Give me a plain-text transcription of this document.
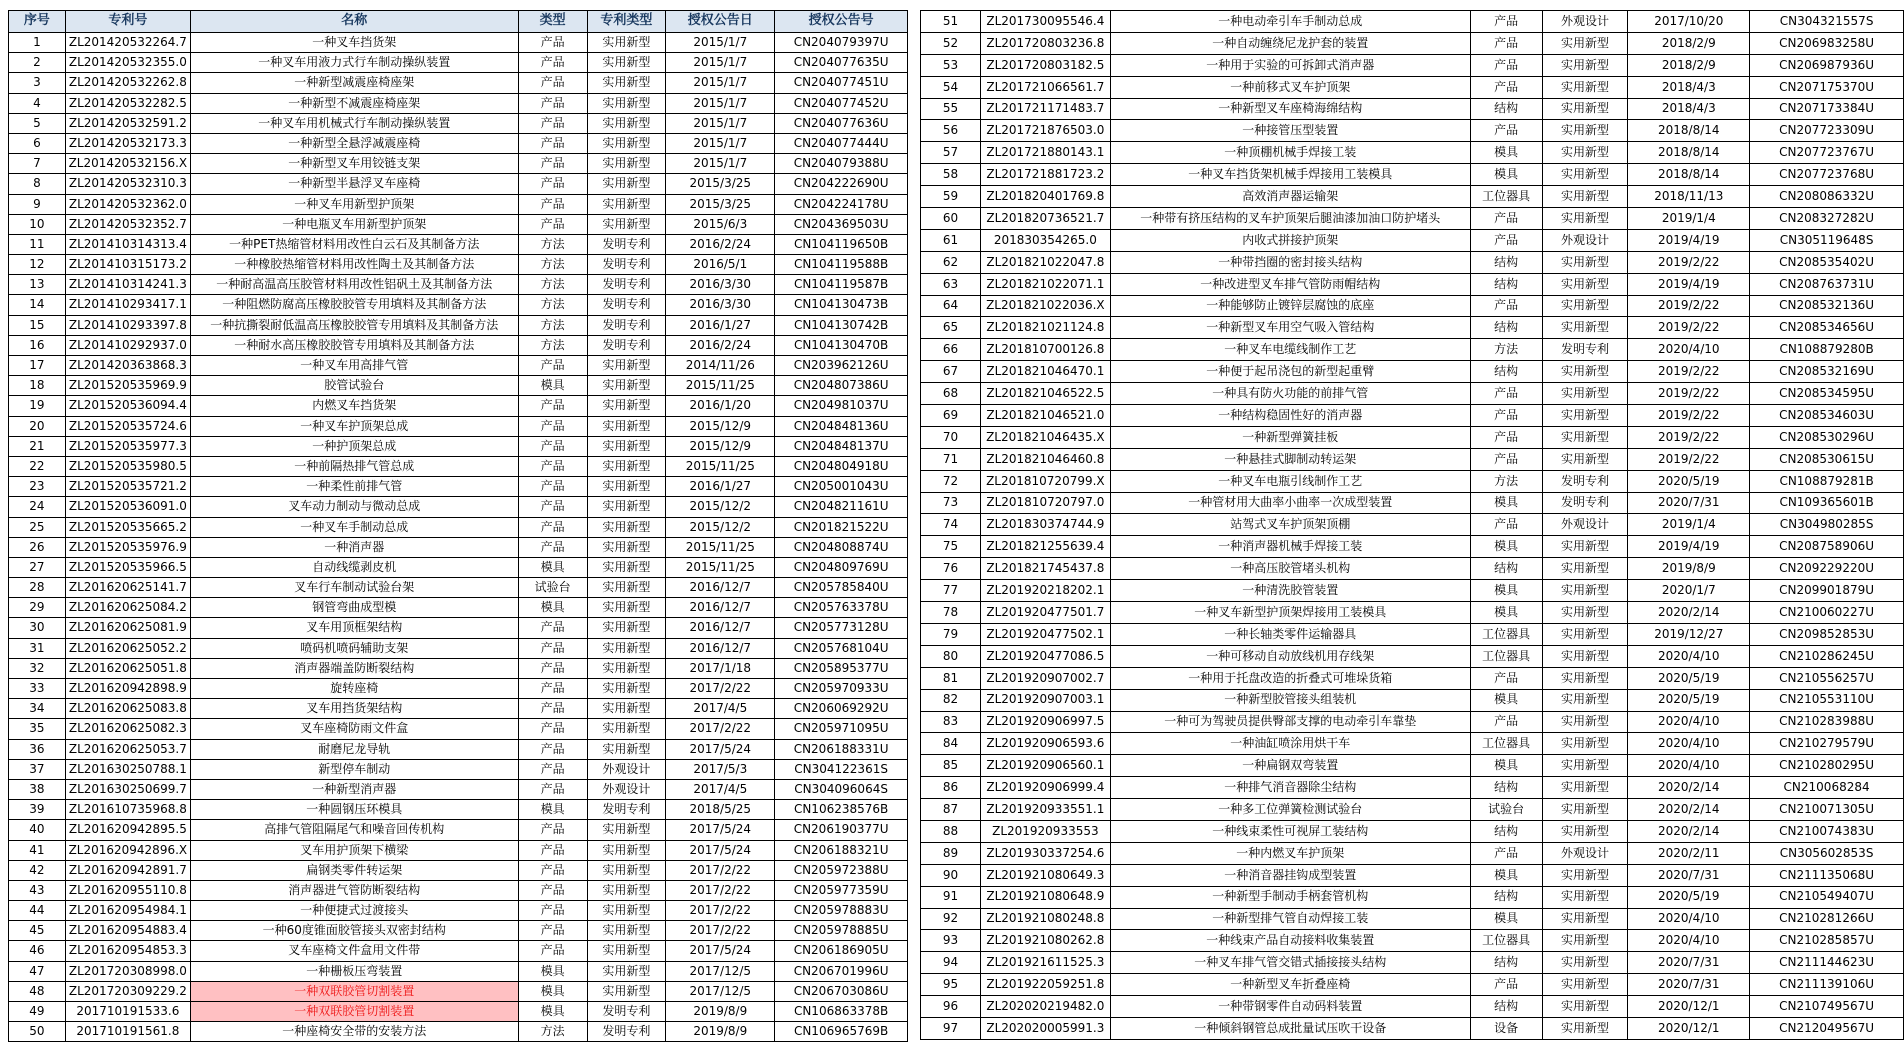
序号	专利号	名称	类型	专利类型	授权公告日	授权公告号
1	ZL201420532264.7	一种叉车挡货架	产品	实用新型	2015/1/7	CN204079397U
2	ZL201420532355.0	一种叉车用液力式行车制动操纵装置	产品	实用新型	2015/1/7	CN204077635U
3	ZL201420532262.8	一种新型减震座椅座架	产品	实用新型	2015/1/7	CN204077451U
4	ZL201420532282.5	一种新型不减震座椅座架	产品	实用新型	2015/1/7	CN204077452U
5	ZL201420532591.2	一种叉车用机械式行车制动操纵装置	产品	实用新型	2015/1/7	CN204077636U
6	ZL201420532173.3	一种新型全悬浮减震座椅	产品	实用新型	2015/1/7	CN204077444U
7	ZL201420532156.X	一种新型叉车用铰链支架	产品	实用新型	2015/1/7	CN204079388U
8	ZL201420532310.3	一种新型半悬浮叉车座椅	产品	实用新型	2015/3/25	CN204222690U
9	ZL201420532362.0	一种叉车用新型护顶架	产品	实用新型	2015/3/25	CN204224178U
10	ZL201420532352.7	一种电瓶叉车用新型护顶架	产品	实用新型	2015/6/3	CN204369503U
11	ZL201410314313.4	一种PET热缩管材料用改性白云石及其制备方法	方法	发明专利	2016/2/24	CN104119650B
12	ZL201410315173.2	一种橡胶热缩管材料用改性陶土及其制备方法	方法	发明专利	2016/5/1	CN104119588B
13	ZL201410314241.3	一种耐高温高压胶管材料用改性铝矾土及其制备方法	方法	发明专利	2016/3/30	CN104119587B
14	ZL201410293417.1	一种阻燃防腐高压橡胶胶管专用填料及其制备方法	方法	发明专利	2016/3/30	CN104130473B
15	ZL201410293397.8	一种抗撕裂耐低温高压橡胶胶管专用填料及其制备方法	方法	发明专利	2016/1/27	CN104130742B
16	ZL201410292937.0	一种耐水高压橡胶胶管专用填料及其制备方法	方法	发明专利	2016/2/24	CN104130470B
17	ZL201420363868.3	一种叉车用高排气管	产品	实用新型	2014/11/26	CN203962126U
18	ZL201520535969.9	胶管试验台	模具	实用新型	2015/11/25	CN204807386U
19	ZL201520536094.4	内燃叉车挡货架	产品	实用新型	2016/1/20	CN204981037U
20	ZL201520535724.6	一种叉车护顶架总成	产品	实用新型	2015/12/9	CN204848136U
21	ZL201520535977.3	一种护顶架总成	产品	实用新型	2015/12/9	CN204848137U
22	ZL201520535980.5	一种前隔热排气管总成	产品	实用新型	2015/11/25	CN204804918U
23	ZL201520535721.2	一种柔性前排气管	产品	实用新型	2016/1/27	CN205001043U
24	ZL201520536091.0	叉车动力制动与微动总成	产品	实用新型	2015/12/2	CN204821161U
25	ZL201520535665.2	一种叉车手制动总成	产品	实用新型	2015/12/2	CN201821522U
26	ZL201520535976.9	一种消声器	产品	实用新型	2015/11/25	CN204808874U
27	ZL201520535966.5	自动线缆剥皮机	模具	实用新型	2015/11/25	CN204809769U
28	ZL201620625141.7	叉车行车制动试验台架	试验台	实用新型	2016/12/7	CN205785840U
29	ZL201620625084.2	钢管弯曲成型模	模具	实用新型	2016/12/7	CN205763378U
30	ZL201620625081.9	叉车用顶框架结构	产品	实用新型	2016/12/7	CN205773128U
31	ZL201620625052.2	喷码机喷码辅助支架	产品	实用新型	2016/12/7	CN205768104U
32	ZL201620625051.8	消声器端盖防断裂结构	产品	实用新型	2017/1/18	CN205895377U
33	ZL201620942898.9	旋转座椅	产品	实用新型	2017/2/22	CN205970933U
34	ZL201620625083.8	叉车用挡货架结构	产品	实用新型	2017/4/5	CN206069292U
35	ZL201620625082.3	叉车座椅防雨文件盒	产品	实用新型	2017/2/22	CN205971095U
36	ZL201620625053.7	耐磨尼龙导轨	产品	实用新型	2017/5/24	CN206188331U
37	ZL201630250788.1	新型停车制动	产品	外观设计	2017/5/3	CN304122361S
38	ZL201630250699.7	一种新型消声器	产品	外观设计	2017/4/5	CN304096064S
39	ZL201610735968.8	一种圆钢压环模具	模具	发明专利	2018/5/25	CN106238576B
40	ZL201620942895.5	高排气管阻隔尾气和噪音回传机构	产品	实用新型	2017/5/24	CN206190377U
41	ZL201620942896.X	叉车用护顶架下横梁	产品	实用新型	2017/5/24	CN206188321U
42	ZL201620942891.7	扁钢类零件转运架	产品	实用新型	2017/2/22	CN205972388U
43	ZL201620955110.8	消声器进气管防断裂结构	产品	实用新型	2017/2/22	CN205977359U
44	ZL201620954984.1	一种便捷式过渡接头	产品	实用新型	2017/2/22	CN205978883U
45	ZL201620954883.4	一种60度锥面胶管接头双密封结构	产品	实用新型	2017/2/22	CN205978885U
46	ZL201620954853.3	叉车座椅文件盒用文件带	产品	实用新型	2017/5/24	CN206186905U
47	ZL201720308998.0	一种栅板压弯装置	模具	实用新型	2017/12/5	CN206701996U
48	ZL201720309229.2	一种双联胶管切割装置	模具	实用新型	2017/12/5	CN206703086U
49	201710191533.6	一种双联胶管切割装置	模具	发明专利	2019/8/9	CN106863378B
50	201710191561.8	一种座椅安全带的安装方法	方法	发明专利	2019/8/9	CN106965769B
51	ZL201730095546.4	一种电动牵引车手制动总成	产品	外观设计	2017/10/20	CN304321557S
52	ZL201720803236.8	一种自动缠绕尼龙护套的装置	产品	实用新型	2018/2/9	CN206983258U
53	ZL201720803182.5	一种用于实验的可拆卸式消声器	产品	实用新型	2018/2/9	CN206987936U
54	ZL201721066561.7	一种前移式叉车护顶架	产品	实用新型	2018/4/3	CN207175370U
55	ZL201721171483.7	一种新型叉车座椅海绵结构	结构	实用新型	2018/4/3	CN207173384U
56	ZL201721876503.0	一种接管压型装置	产品	实用新型	2018/8/14	CN207723309U
57	ZL201721880143.1	一种顶棚机械手焊接工装	模具	实用新型	2018/8/14	CN207723767U
58	ZL201721881723.2	一种叉车挡货架机械手焊接用工装模具	模具	实用新型	2018/8/14	CN207723768U
59	ZL201820401769.8	高效消声器运输架	工位器具	实用新型	2018/11/13	CN208086332U
60	ZL201820736521.7	一种带有挤压结构的叉车护顶架后腿油漆加油口防护堵头	产品	实用新型	2019/1/4	CN208327282U
61	201830354265.0	内收式拼接护顶架	产品	外观设计	2019/4/19	CN305119648S
62	ZL201821022047.8	一种带挡圈的密封接头结构	结构	实用新型	2019/2/22	CN208535402U
63	ZL201821022071.1	一种改进型叉车排气管防雨帽结构	结构	实用新型	2019/4/19	CN208763731U
64	ZL201821022036.X	一种能够防止镀锌层腐蚀的底座	产品	实用新型	2019/2/22	CN208532136U
65	ZL201821021124.8	一种新型叉车用空气吸入管结构	结构	实用新型	2019/2/22	CN208534656U
66	ZL201810700126.8	一种叉车电缆线制作工艺	方法	发明专利	2020/4/10	CN108879280B
67	ZL201821046470.1	一种便于起吊浇包的新型起重臂	结构	实用新型	2019/2/22	CN208532169U
68	ZL201821046522.5	一种具有防火功能的前排气管	产品	实用新型	2019/2/22	CN208534595U
69	ZL201821046521.0	一种结构稳固性好的消声器	产品	实用新型	2019/2/22	CN208534603U
70	ZL201821046435.X	一种新型弹簧挂板	产品	实用新型	2019/2/22	CN208530296U
71	ZL201821046460.8	一种悬挂式脚制动转运架	产品	实用新型	2019/2/22	CN208530615U
72	ZL201810720799.X	一种叉车电瓶引线制作工艺	方法	发明专利	2020/5/19	CN108879281B
73	ZL201810720797.0	一种管材用大曲率小曲率一次成型装置	模具	发明专利	2020/7/31	CN109365601B
74	ZL201830374744.9	站驾式叉车护顶架顶棚	产品	外观设计	2019/1/4	CN304980285S
75	ZL201821255639.4	一种消声器机械手焊接工装	模具	实用新型	2019/4/19	CN208758906U
76	ZL201821745437.8	一种高压胶管堵头机构	结构	实用新型	2019/8/9	CN209229220U
77	ZL201920218202.1	一种清洗胶管装置	模具	实用新型	2020/1/7	CN209901879U
78	ZL201920477501.7	一种叉车新型护顶架焊接用工装模具	模具	实用新型	2020/2/14	CN210060227U
79	ZL201920477502.1	一种长轴类零件运输器具	工位器具	实用新型	2019/12/27	CN209852853U
80	ZL201920477086.5	一种可移动自动放线机用存线架	工位器具	实用新型	2020/4/10	CN210286245U
81	ZL201920907002.7	一种用于托盘改造的折叠式可堆垛货箱	产品	实用新型	2020/5/19	CN210556257U
82	ZL201920907003.1	一种新型胶管接头组装机	模具	实用新型	2020/5/19	CN210553110U
83	ZL201920906997.5	一种可为驾驶员提供臀部支撑的电动牵引车靠垫	产品	实用新型	2020/4/10	CN210283988U
84	ZL201920906593.6	一种油缸喷涂用烘干车	工位器具	实用新型	2020/4/10	CN210279579U
85	ZL201920906560.1	一种扁钢双弯装置	模具	实用新型	2020/4/10	CN210280295U
86	ZL201920906999.4	一种排气消音器除尘结构	结构	实用新型	2020/2/14	CN210068284
87	ZL201920933551.1	一种多工位弹簧检测试验台	试验台	实用新型	2020/2/14	CN210071305U
88	ZL201920933553	一种线束柔性可视屏工装结构	结构	实用新型	2020/2/14	CN210074383U
89	ZL201930337254.6	一种内燃叉车护顶架	产品	外观设计	2020/2/11	CN305602853S
90	ZL201921080649.3	一种消音器挂钩成型装置	模具	实用新型	2020/7/31	CN211135068U
91	ZL201921080648.9	一种新型手制动手柄套管机构	结构	实用新型	2020/5/19	CN210549407U
92	ZL201921080248.8	一种新型排气管自动焊接工装	模具	实用新型	2020/4/10	CN210281266U
93	ZL201921080262.8	一种线束产品自动接料收集装置	工位器具	实用新型	2020/4/10	CN210285857U
94	ZL201921611525.3	一种叉车排气管交错式插接接头结构	结构	实用新型	2020/7/31	CN211144623U
95	ZL201922059251.8	一种新型叉车折叠座椅	产品	实用新型	2020/7/31	CN211139106U
96	ZL202020219482.0	一种带钢零件自动码料装置	结构	实用新型	2020/12/1	CN210749567U
97	ZL202020005991.3	一种倾斜钢管总成批量试压吹干设备	设备	实用新型	2020/12/1	CN212049567U
